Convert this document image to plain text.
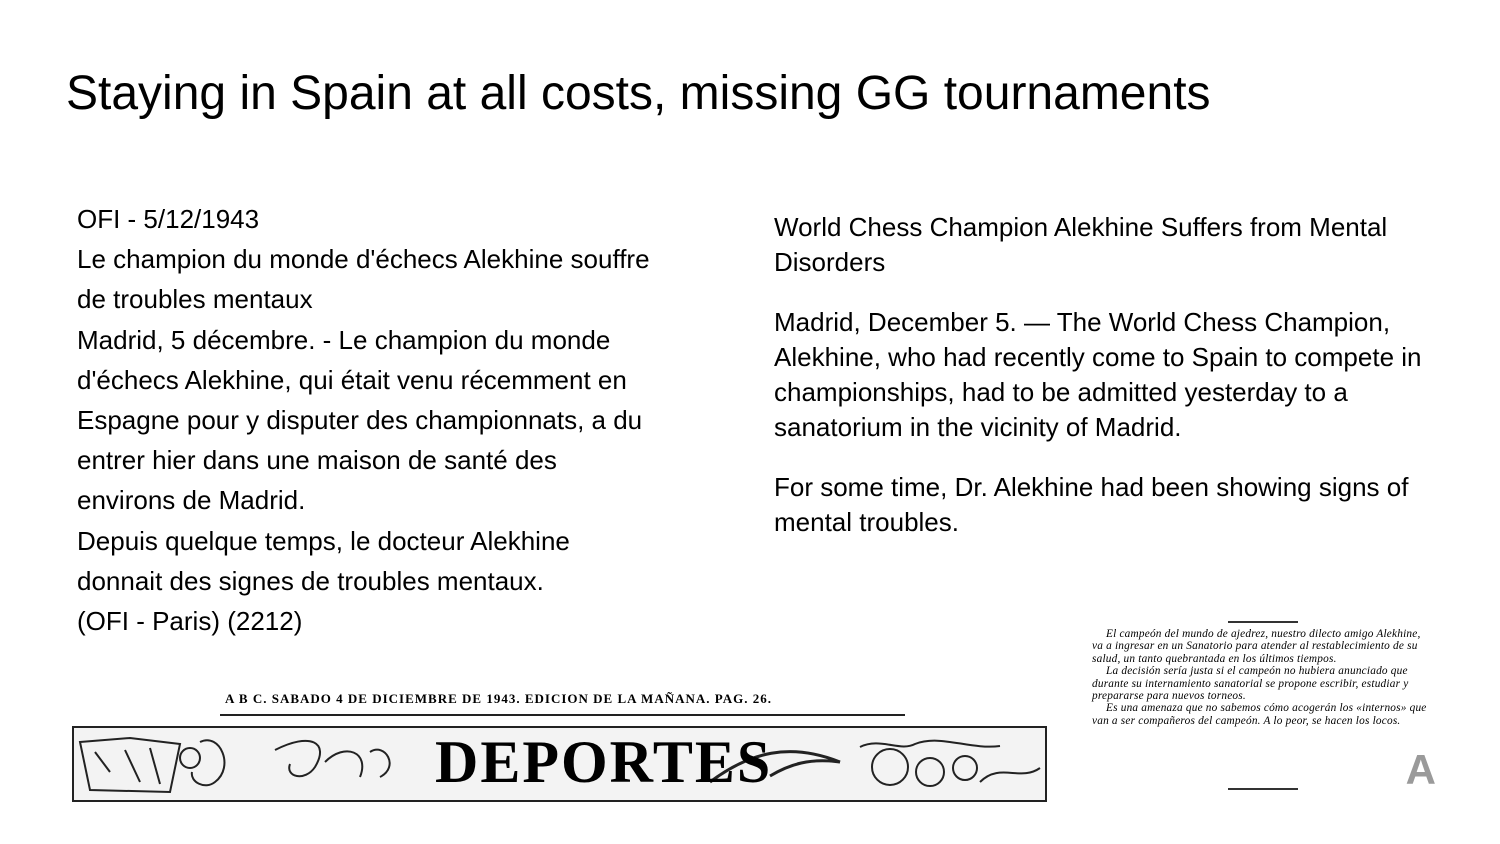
Staying in Spain at all costs, missing GG tournaments
OFI - 5/12/1943
Le champion du monde d'échecs Alekhine souffre
de troubles mentaux
Madrid, 5 décembre. - Le champion du monde
d'échecs Alekhine, qui était venu récemment en
Espagne pour y disputer des championnats, a du
entrer hier dans une maison de santé des
environs de Madrid.
Depuis quelque temps, le docteur Alekhine
donnait des signes de troubles mentaux.
(OFI - Paris) (2212)

World Chess Champion Alekhine Suffers from Mental Disorders

Madrid, December 5. — The World Chess Champion, Alekhine, who had recently come to Spain to compete in championships, had to be admitted yesterday to a sanatorium in the vicinity of Madrid.

For some time, Dr. Alekhine had been showing signs of mental troubles.

A B C. SABADO 4 DE DICIEMBRE DE 1943. EDICION DE LA MAÑANA. PAG. 26.
DEPORTES

El campeón del mundo de ajedrez, nuestro dilecto amigo Alekhine, va a ingresar en un Sanatorio para atender al restablecimiento de su salud, un tanto quebrantada en los últimos tiempos.

La decisión sería justa si el campeón no hubiera anunciado que durante su internamiento sanatorial se propone escribir, estudiar y prepararse para nuevos torneos.

Es una amenaza que no sabemos cómo acogerán los «internos» que van a ser compañeros del campeón. A lo peor, se hacen los locos.

A
